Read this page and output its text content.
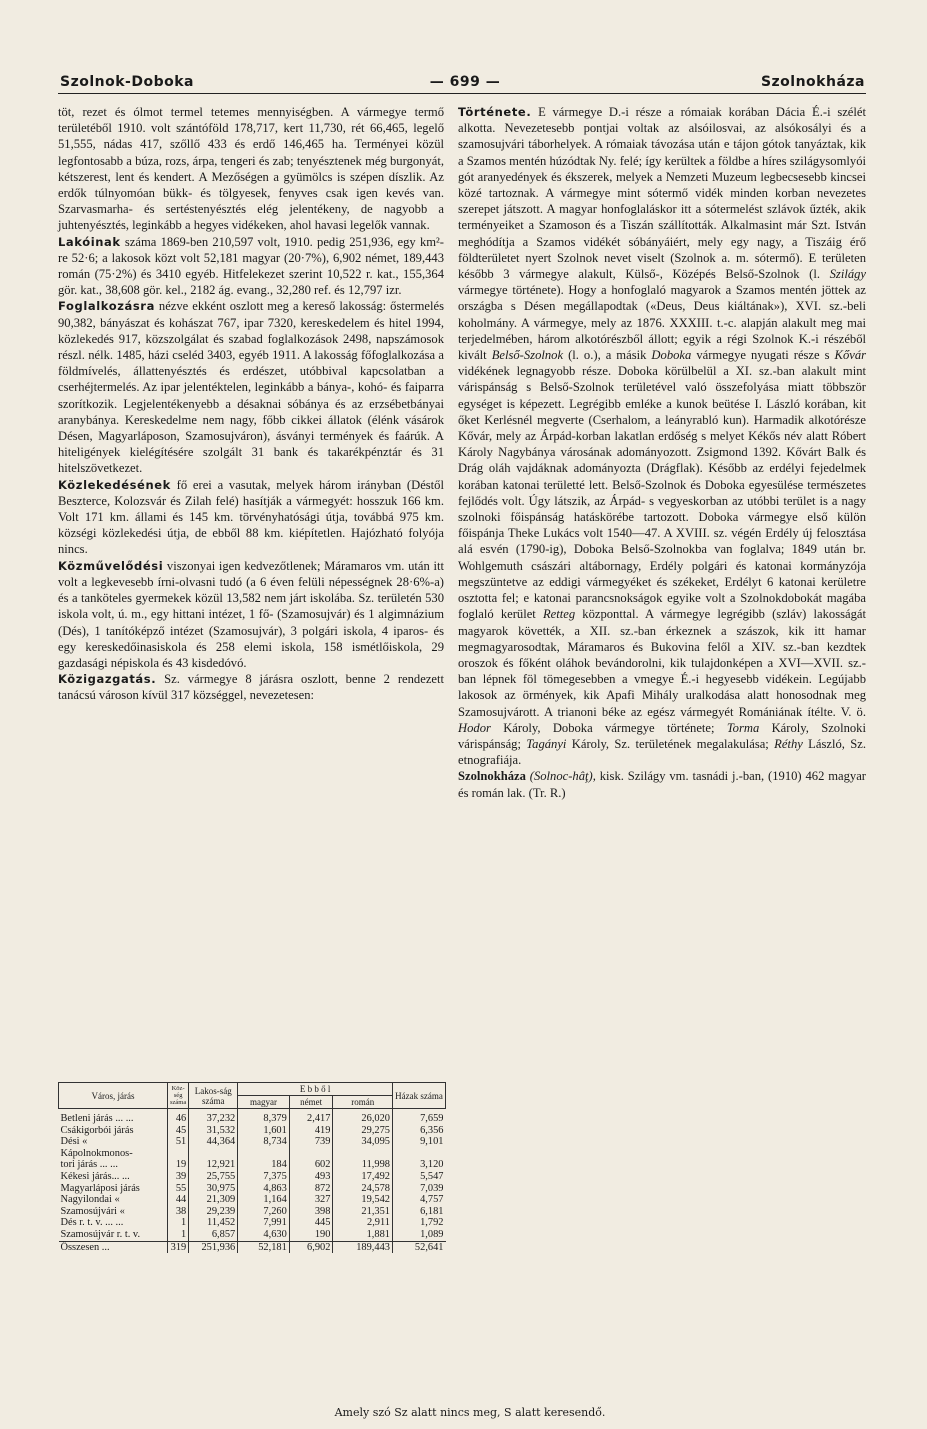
Szolnok-Doboka	— 699 —	Szolnokháza

töt, rezet és ólmot termel tetemes mennyiségben. A vármegye termő területéből 1910. volt szántóföld 178,717, kert 11,730, rét 66,465, legelő 51,555, nádas 417, szőllő 433 és erdő 146,465 ha. Terményei közül legfontosabb a búza, rozs, árpa, tengeri és zab; tenyésztenek még burgonyát, kétszerest, lent és kendert. A Mezőségen a gyümölcs is szépen díszlik. Az erdők túlnyomóan bükk- és tölgyesek, fenyves csak igen kevés van. Szarvasmarha- és sertéstenyésztés elég jelentékeny, de nagyobb a juhtenyésztés, leginkább a hegyes vidékeken, ahol havasi legelők vannak.

Lakóinak száma 1869-ben 210,597 volt, 1910. pedig 251,936, egy km²-re 52·6; a lakosok közt volt 52,181 magyar (20·7%), 6,902 német, 189,443 román (75·2%) és 3410 egyéb. Hitfelekezet szerint 10,522 r. kat., 155,364 gör. kat., 38,608 gör. kel., 2182 ág. evang., 32,280 ref. és 12,797 izr.

Foglalkozásra nézve ekként oszlott meg a kereső lakosság: őstermelés 90,382, bányászat és kohászat 767, ipar 7320, kereskedelem és hitel 1994, közlekedés 917, közszolgálat és szabad foglalkozások 2498, napszámosok részl. nélk. 1485, házi cseléd 3403, egyéb 1911. A lakosság főfoglalkozása a földmívelés, állattenyésztés és erdészet, utóbbival kapcsolatban a cserhéjtermelés. Az ipar jelentéktelen, leginkább a bánya-, kohó- és faiparra szorítkozik. Legjelentékenyebb a désaknai sóbánya és az erzsébetbányai aranybánya. Kereskedelme nem nagy, főbb cikkei állatok (élénk vásárok Désen, Magyarláposon, Szamosujváron), ásványi termények és faárúk. A hiteligények kielégítésére szolgált 31 bank és takarékpénztár és 31 hitelszövetkezet.

Közlekedésének fő erei a vasutak, melyek három irányban (Déstől Beszterce, Kolozsvár és Zilah felé) hasítják a vármegyét: hosszuk 166 km. Volt 171 km. állami és 145 km. törvényhatósági útja, továbbá 975 km. községi közlekedési útja, de ebből 88 km. kiépítetlen. Hajózható folyója nincs.

Közművelődési viszonyai igen kedvezőtlenek; Máramaros vm. után itt volt a legkevesebb írni-olvasni tudó (a 6 éven felüli népességnek 28·6%-a) és a tanköteles gyermekek közül 13,582 nem járt iskolába. Sz. területén 530 iskola volt, ú. m., egy hittani intézet, 1 fő- (Szamosujvár) és 1 algimnázium (Dés), 1 tanítóképző intézet (Szamosujvár), 3 polgári iskola, 4 iparos- és egy kereskedőinasiskola és 258 elemi iskola, 158 ismétlőiskola, 29 gazdasági népiskola és 43 kisdedóvó.

Közigazgatás. Sz. vármegye 8 járásra oszlott, benne 2 rendezett tanácsú városon kívül 317 községgel, nevezetesen:

Város, járás	Köz-ség száma	Lakos-ság száma	E b b ő l			Házak száma
			magyar	német	román	
Betleni járás ... ...	46	37,232	8,379	2,417	26,020	7,659
Csákigorbói járás	45	31,532	1,601	419	29,275	6,356
Dési «	51	44,364	8,734	739	34,095	9,101
Kápolnokmonos-						
tori járás ... ...	19	12,921	184	602	11,998	3,120
Kékesi járás... ...	39	25,755	7,375	493	17,492	5,547
Magyarláposi járás	55	30,975	4,863	872	24,578	7,039
Nagyilondai «	44	21,309	1,164	327	19,542	4,757
Szamosújvári «	38	29,239	7,260	398	21,351	6,181
Dés r. t. v. ... ...	1	11,452	7,991	445	2,911	1,792
Szamosújvár r. t. v.	1	6,857	4,630	190	1,881	1,089
Összesen ...	319	251,936	52,181	6,902	189,443	52,641

Története. E vármegye D.-i része a rómaiak korában Dácia É.-i szélét alkotta. Nevezetesebb pontjai voltak az alsóilosvai, az alsókosályi és a szamosujvári táborhelyek. A rómaiak távozása után e tájon gótok tanyáztak, kik a Szamos mentén húzódtak Ny. felé; így kerültek a földbe a híres szilágysomlyói gót aranyedények és ékszerek, melyek a Nemzeti Muzeum legbecsesebb kincsei közé tartoznak. A vármegye mint sótermő vidék minden korban nevezetes szerepet játszott. A magyar honfoglaláskor itt a sótermelést szlávok űzték, akik terményeiket a Szamoson és a Tiszán szállították. Alkalmasint már Szt. István meghódítja a Szamos vidékét sóbányáiért, mely egy nagy, a Tiszáig érő földterületet nyert Szolnok nevet viselt (Szolnok a. m. sótermő). E területen később 3 vármegye alakult, Külső-, Középés Belső-Szolnok (l. Szilágy vármegye története). Hogy a honfoglaló magyarok a Szamos mentén jöttek az országba s Désen megállapodtak («Deus, Deus kiáltának»), XVI. sz.-beli koholmány. A vármegye, mely az 1876. XXXIII. t.-c. alapján alakult meg mai terjedelmében, három alkotórészből állott; egyik a régi Szolnok K.-i részéből kivált Belső-Szolnok (l. o.), a másik Doboka vármegye nyugati része s Kővár vidékének legnagyobb része. Doboka körülbelül a XI. sz.-ban alakult mint várispánság s Belső-Szolnok területével való összefolyása miatt többször egységet is képezett. Legrégibb emléke a kunok beütése I. László korában, kit őket Kerlésnél megverte (Cserhalom, a leányrabló kun). Harmadik alkotórésze Kővár, mely az Árpád-korban lakatlan erdőség s melyet Kékős név alatt Róbert Károly Nagybánya városának adományozott. Zsigmond 1392. Kővárt Balk és Drág oláh vajdáknak adományozta (Drágflak). Később az erdélyi fejedelmek korában katonai területté lett. Belső-Szolnok és Doboka egyesülése természetes fejlődés volt. Úgy látszik, az Árpád- s vegyeskorban az utóbbi terület is a nagy szolnoki főispánság hatáskörébe tartozott. Doboka vármegye első külön főispánja Theke Lukács volt 1540—47. A XVIII. sz. végén Erdély új felosztása alá esvén (1790-ig), Doboka Belső-Szolnokba van foglalva; 1849 után br. Wohlgemuth császári altábornagy, Erdély polgári és katonai kormányzója megszüntetve az eddigi vármegyéket és székeket, Erdélyt 6 katonai kerületre osztotta fel; e katonai parancsnokságok egyike volt a Szolnokdobokát magába foglaló kerület Retteg központtal. A vármegye legrégibb (szláv) lakosságát magyarok követték, a XII. sz.-ban érkeznek a szászok, kik itt hamar megmagyarosodtak, Máramaros és Bukovina felől a XIV. sz.-ban kezdtek oroszok és főként oláhok bevándorolni, kik tulajdonképen a XVI—XVII. sz.-ban lépnek föl tömegesebben a vmegye É.-i hegyesebb vidékein. Legújabb lakosok az örmények, kik Apafi Mihály uralkodása alatt honosodnak meg Szamosujvárott. A trianoni béke az egész vármegyét Romániának ítélte. V. ö. Hodor Károly, Doboka vármegye története; Torma Károly, Szolnoki várispánság; Tagányi Károly, Sz. területének megalakulása; Réthy László, Sz. etnografiája.

Szolnokháza (Solnoc-hâţ), kisk. Szilágy vm. tasnádi j.-ban, (1910) 462 magyar és román lak. (Tr. R.)

Amely szó Sz alatt nincs meg, S alatt keresendő.
